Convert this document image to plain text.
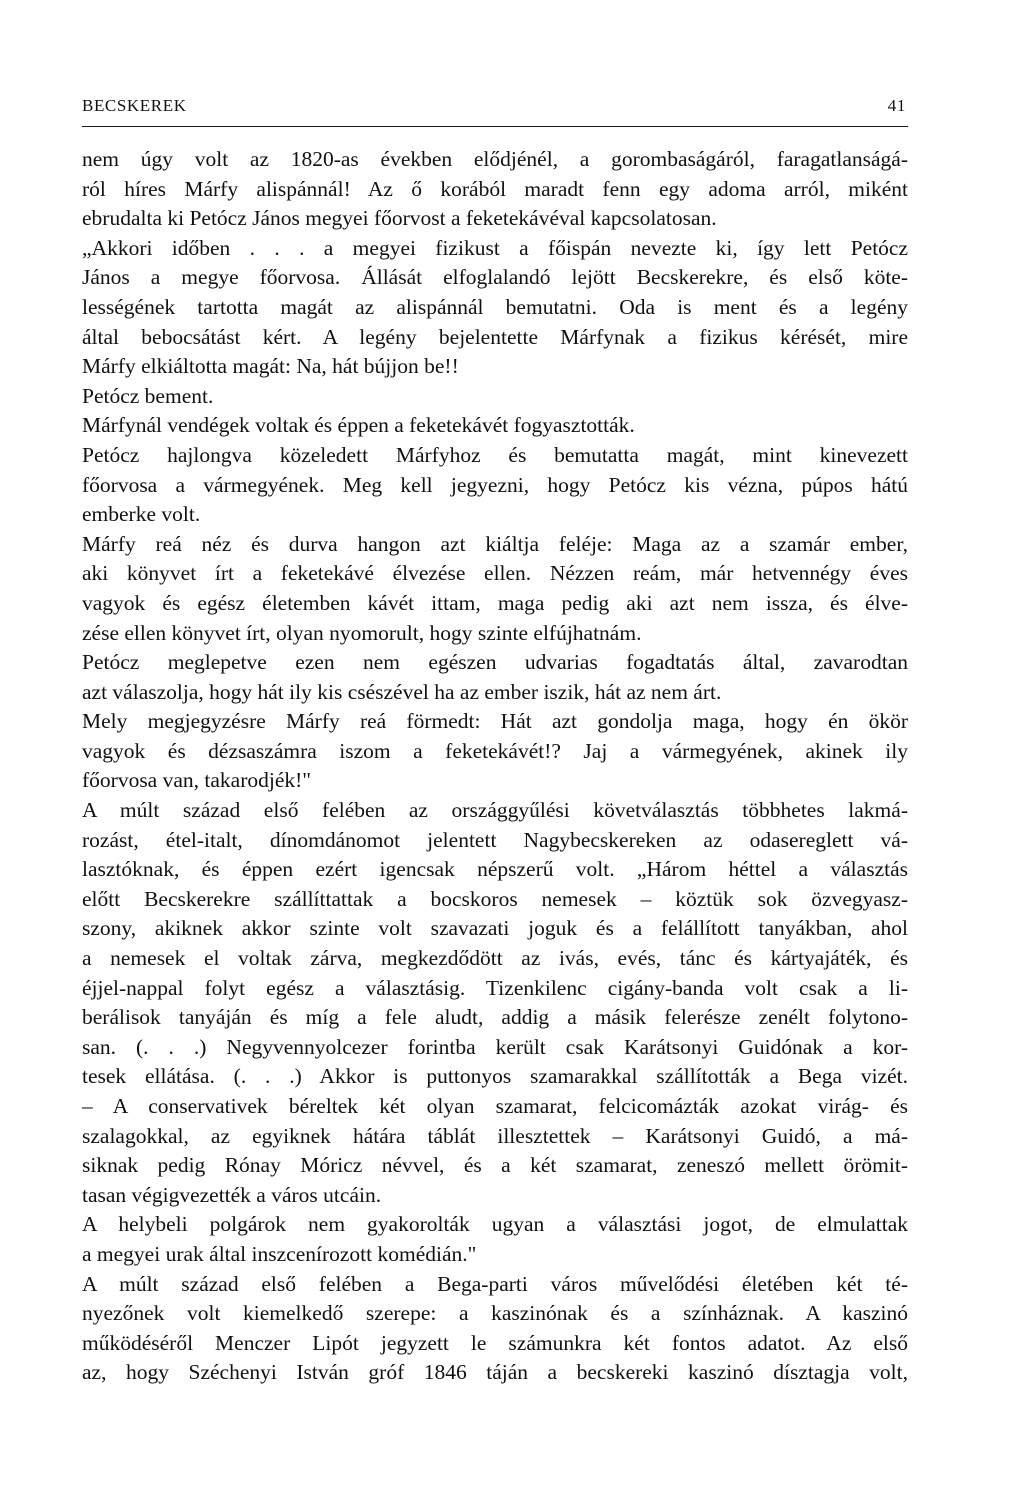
BECSKEREK	41
nem úgy volt az 1820-as években elődjénél, a gorombaságáról, faragatlanságá-
ról híres Márfy alispánnál! Az ő korából maradt fenn egy adoma arról, miként
ebrudalta ki Petócz János megyei főorvost a feketekávéval kapcsolatosan.
„Akkori időben . . . a megyei fizikust a főispán nevezte ki, így lett Petócz
János a megye főorvosa. Állását elfoglalandó lejött Becskerekre, és első köte-
lességének tartotta magát az alispánnál bemutatni. Oda is ment és a legény
által bebocsátást kért. A legény bejelentette Márfynak a fizikus kérését, mire
Márfy elkiáltotta magát: Na, hát bújjon be!!
Petócz bement.
Márfynál vendégek voltak és éppen a feketekávét fogyasztották.
Petócz hajlongva közeledett Márfyhoz és bemutatta magát, mint kinevezett
főorvosa a vármegyének. Meg kell jegyezni, hogy Petócz kis vézna, púpos hátú
emberke volt.
Márfy reá néz és durva hangon azt kiáltja feléje: Maga az a szamár ember,
aki könyvet írt a feketekávé élvezése ellen. Nézzen reám, már hetvennégy éves
vagyok és egész életemben kávét ittam, maga pedig aki azt nem issza, és élve-
zése ellen könyvet írt, olyan nyomorult, hogy szinte elfújhatnám.
Petócz meglepetve ezen nem egészen udvarias fogadtatás által, zavarodtan
azt válaszolja, hogy hát ily kis csészével ha az ember iszik, hát az nem árt.
Mely megjegyzésre Márfy reá förmedt: Hát azt gondolja maga, hogy én ökör
vagyok és dézsaszámra iszom a feketekávét!? Jaj a vármegyének, akinek ily
főorvosa van, takarodjék!"
A múlt század első felében az országgyűlési követválasztás többhetes lakmá-
rozást, étel-italt, dínomdánomot jelentett Nagybecskereken az odasereglett vá-
lasztóknak, és éppen ezért igencsak népszerű volt. „Három héttel a választás
előtt Becskerekre szállíttattak a bocskoros nemesek – köztük sok özvegyasz-
szony, akiknek akkor szinte volt szavazati joguk és a felállított tanyákban, ahol
a nemesek el voltak zárva, megkezdődött az ivás, evés, tánc és kártyajáték, és
éjjel-nappal folyt egész a választásig. Tizenkilenc cigány-banda volt csak a li-
berálisok tanyáján és míg a fele aludt, addig a másik felerésze zenélt folytono-
san. (. . .) Negyvennyolcezer forintba került csak Karátsonyi Guidónak a kor-
tesek ellátása. (. . .) Akkor is puttonyos szamarakkal szállították a Bega vizét.
– A conservativek béreltek két olyan szamarat, felcicomázták azokat virág- és
szalagokkal, az egyiknek hátára táblát illesztettek – Karátsonyi Guidó, a má-
siknak pedig Rónay Móricz névvel, és a két szamarat, zeneszó mellett örömit-
tasan végigvezették a város utcáin.
A helybeli polgárok nem gyakorolták ugyan a választási jogot, de elmulattak
a megyei urak által inszcenírozott komédián."
A múlt század első felében a Bega-parti város művelődési életében két té-
nyezőnek volt kiemelkedő szerepe: a kaszinónak és a színháznak. A kaszinó
működéséről Menczer Lipót jegyzett le számunkra két fontos adatot. Az első
az, hogy Széchenyi István gróf 1846 táján a becskereki kaszinó dísztagja volt,
